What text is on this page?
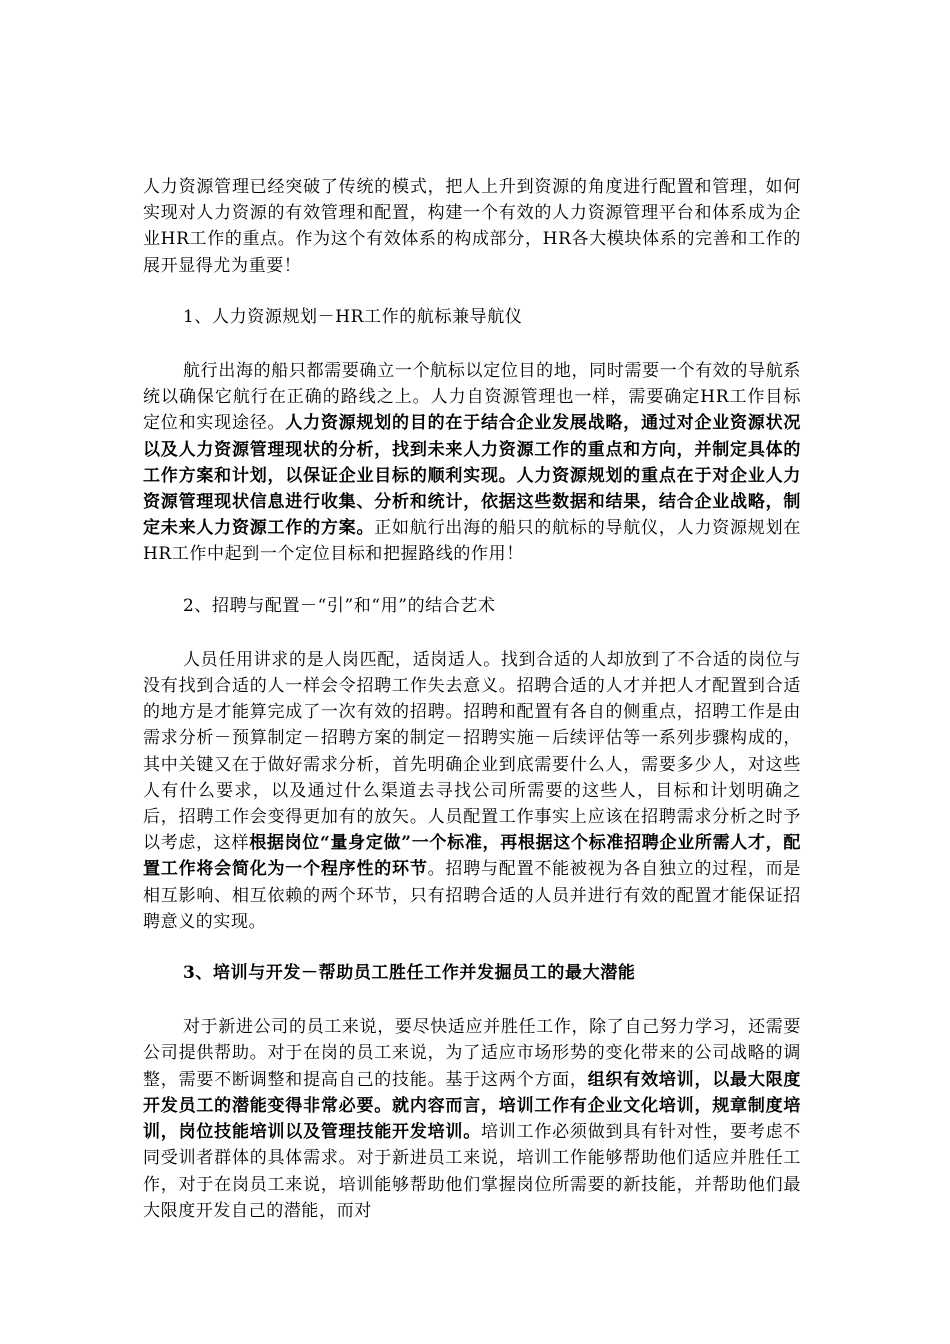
人力资源管理已经突破了传统的模式，把人上升到资源的角度进行配置和管理，如何实现对人力资源的有效管理和配置，构建一个有效的人力资源管理平台和体系成为企业HR工作的重点。作为这个有效体系的构成部分，HR各大模块体系的完善和工作的展开显得尤为重要！

1、人力资源规划－HR工作的航标兼导航仪

航行出海的船只都需要确立一个航标以定位目的地，同时需要一个有效的导航系统以确保它航行在正确的路线之上。人力自资源管理也一样，需要确定HR工作目标定位和实现途径。人力资源规划的目的在于结合企业发展战略，通过对企业资源状况以及人力资源管理现状的分析，找到未来人力资源工作的重点和方向，并制定具体的工作方案和计划，以保证企业目标的顺利实现。人力资源规划的重点在于对企业人力资源管理现状信息进行收集、分析和统计，依据这些数据和结果，结合企业战略，制定未来人力资源工作的方案。正如航行出海的船只的航标的导航仪，人力资源规划在HR工作中起到一个定位目标和把握路线的作用！

2、招聘与配置－“引”和“用”的结合艺术

人员任用讲求的是人岗匹配，适岗适人。找到合适的人却放到了不合适的岗位与没有找到合适的人一样会令招聘工作失去意义。招聘合适的人才并把人才配置到合适的地方是才能算完成了一次有效的招聘。招聘和配置有各自的侧重点，招聘工作是由需求分析－预算制定－招聘方案的制定－招聘实施－后续评估等一系列步骤构成的，其中关键又在于做好需求分析，首先明确企业到底需要什么人，需要多少人，对这些人有什么要求，以及通过什么渠道去寻找公司所需要的这些人，目标和计划明确之后，招聘工作会变得更加有的放矢。人员配置工作事实上应该在招聘需求分析之时予以考虑，这样根据岗位“量身定做”一个标准，再根据这个标准招聘企业所需人才，配置工作将会简化为一个程序性的环节。招聘与配置不能被视为各自独立的过程，而是相互影响、相互依赖的两个环节，只有招聘合适的人员并进行有效的配置才能保证招聘意义的实现。

3、培训与开发－帮助员工胜任工作并发掘员工的最大潜能

对于新进公司的员工来说，要尽快适应并胜任工作，除了自己努力学习，还需要公司提供帮助。对于在岗的员工来说，为了适应市场形势的变化带来的公司战略的调整，需要不断调整和提高自己的技能。基于这两个方面，组织有效培训，以最大限度开发员工的潜能变得非常必要。就内容而言，培训工作有企业文化培训，规章制度培训，岗位技能培训以及管理技能开发培训。培训工作必须做到具有针对性，要考虑不同受训者群体的具体需求。对于新进员工来说，培训工作能够帮助他们适应并胜任工作，对于在岗员工来说，培训能够帮助他们掌握岗位所需要的新技能，并帮助他们最大限度开发自己的潜能，而对
